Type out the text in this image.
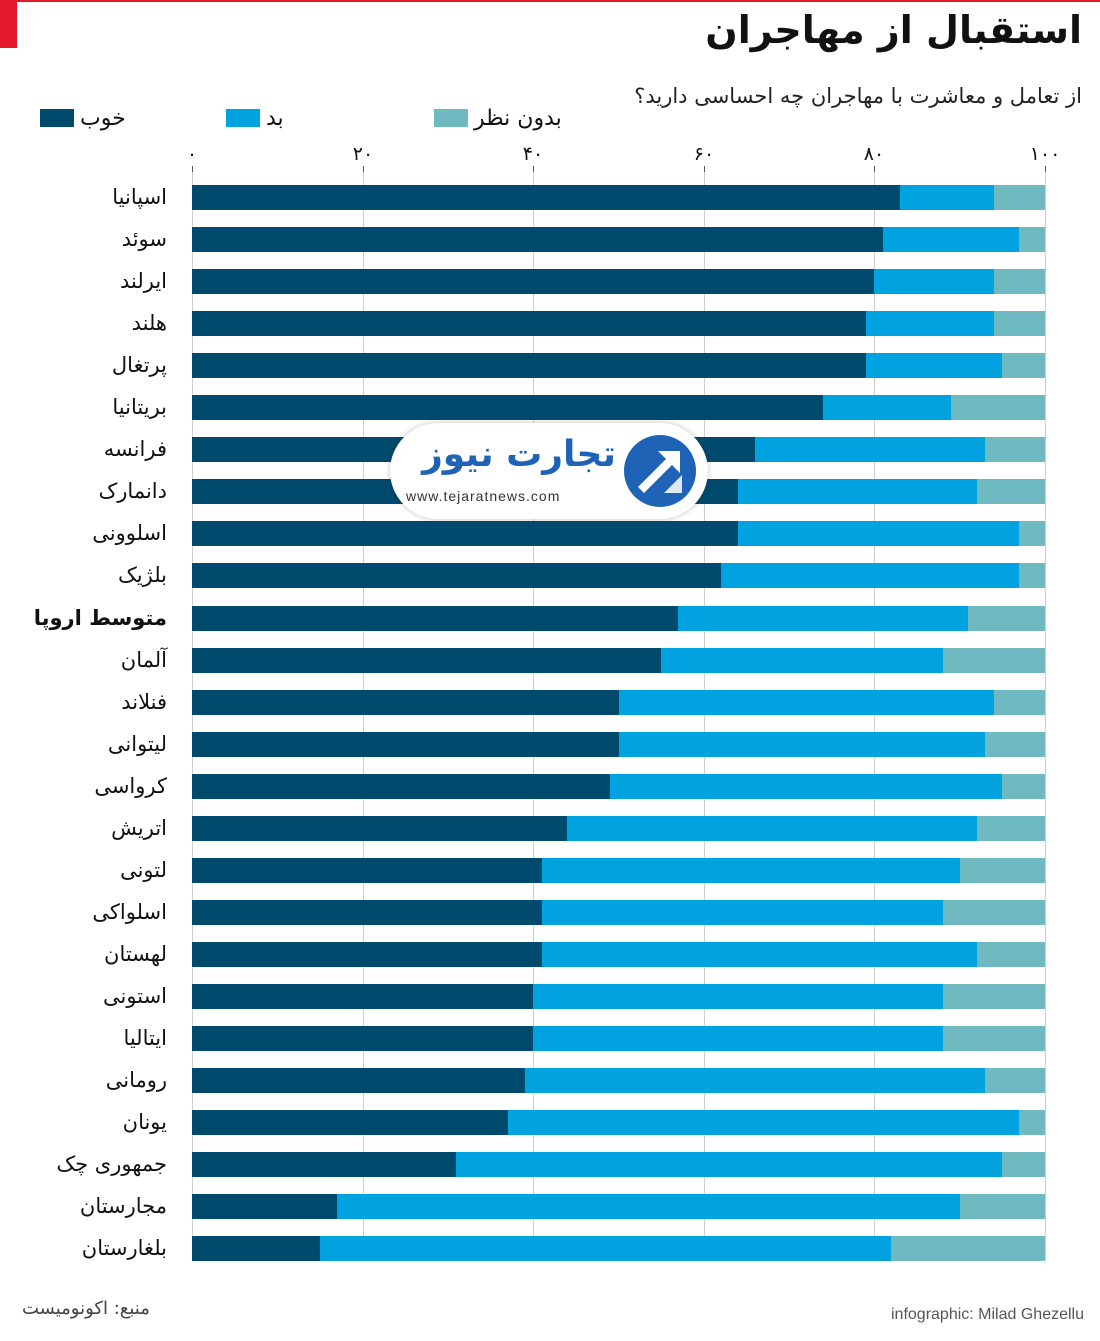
استقبال از مهاجران
از تعامل و معاشرت با مهاجران چه احساسی دارید؟
خوب	بد	بدون نظر
۰	۲۰	۴۰	۶۰	۸۰	۱۰۰
اسپانیا
سوئد
ایرلند
هلند
پرتغال
بریتانیا
فرانسه
دانمارک
اسلوونی
بلژیک
متوسط اروپا
آلمان
فنلاند
لیتوانی
کرواسی
اتریش
لتونی
اسلواکی
لهستان
استونی
ایتالیا
رومانی
یونان
جمهوری چک
مجارستان
بلغارستان
تجارت نیوز
www.tejaratnews.com
منبع: اکونومیست	infographic: Milad Ghezellu
